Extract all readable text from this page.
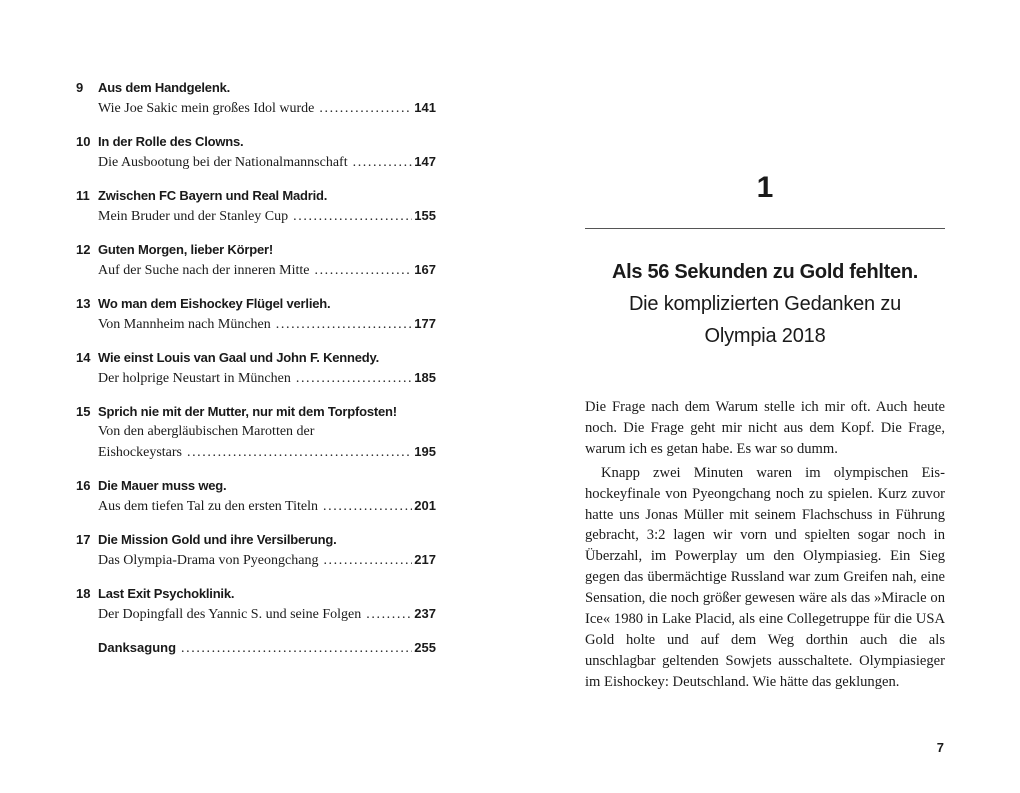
9 Aus dem Handgelenk.
Wie Joe Sakic mein großes Idol wurde .....	141
10 In der Rolle des Clowns.
Die Ausbootung bei der Nationalmannschaft .....	147
11 Zwischen FC Bayern und Real Madrid.
Mein Bruder und der Stanley Cup .....	155
12 Guten Morgen, lieber Körper!
Auf der Suche nach der inneren Mitte .....	167
13 Wo man dem Eishockey Flügel verlieh.
Von Mannheim nach München .....	177
14 Wie einst Louis van Gaal und John F. Kennedy.
Der holprige Neustart in München .....	185
15 Sprich nie mit der Mutter, nur mit dem Torpfosten!
Von den abergläubischen Marotten der
Eishockeystars .....	195
16 Die Mauer muss weg.
Aus dem tiefen Tal zu den ersten Titeln .....	201
17 Die Mission Gold und ihre Versilberung.
Das Olympia-Drama von Pyeongchang .....	217
18 Last Exit Psychoklinik.
Der Dopingfall des Yannic S. und seine Folgen .....	237
Danksagung .....	255
1
Als 56 Sekunden zu Gold fehlten.
Die komplizierten Gedanken zu
Olympia 2018

Die Frage nach dem Warum stelle ich mir oft. Auch heute noch. Die Frage geht mir nicht aus dem Kopf. Die Frage, warum ich es getan habe. Es war so dumm.

Knapp zwei Minuten waren im olympischen Eishockeyfinale von Pyeongchang noch zu spielen. Kurz zuvor hatte uns Jonas Müller mit seinem Flachschuss in Führung gebracht, 3:2 lagen wir vorn und spielten sogar noch in Überzahl, im Powerplay um den Olympiasieg. Ein Sieg gegen das übermächtige Russland war zum Greifen nah, eine Sensation, die noch größer gewesen wäre als das »Miracle on Ice« 1980 in Lake Placid, als eine Collegetruppe für die USA Gold holte und auf dem Weg dorthin auch die als unschlagbar geltenden Sowjets ausschaltete. Olympiasieger im Eishockey: Deutschland. Wie hätte das geklungen.

7
